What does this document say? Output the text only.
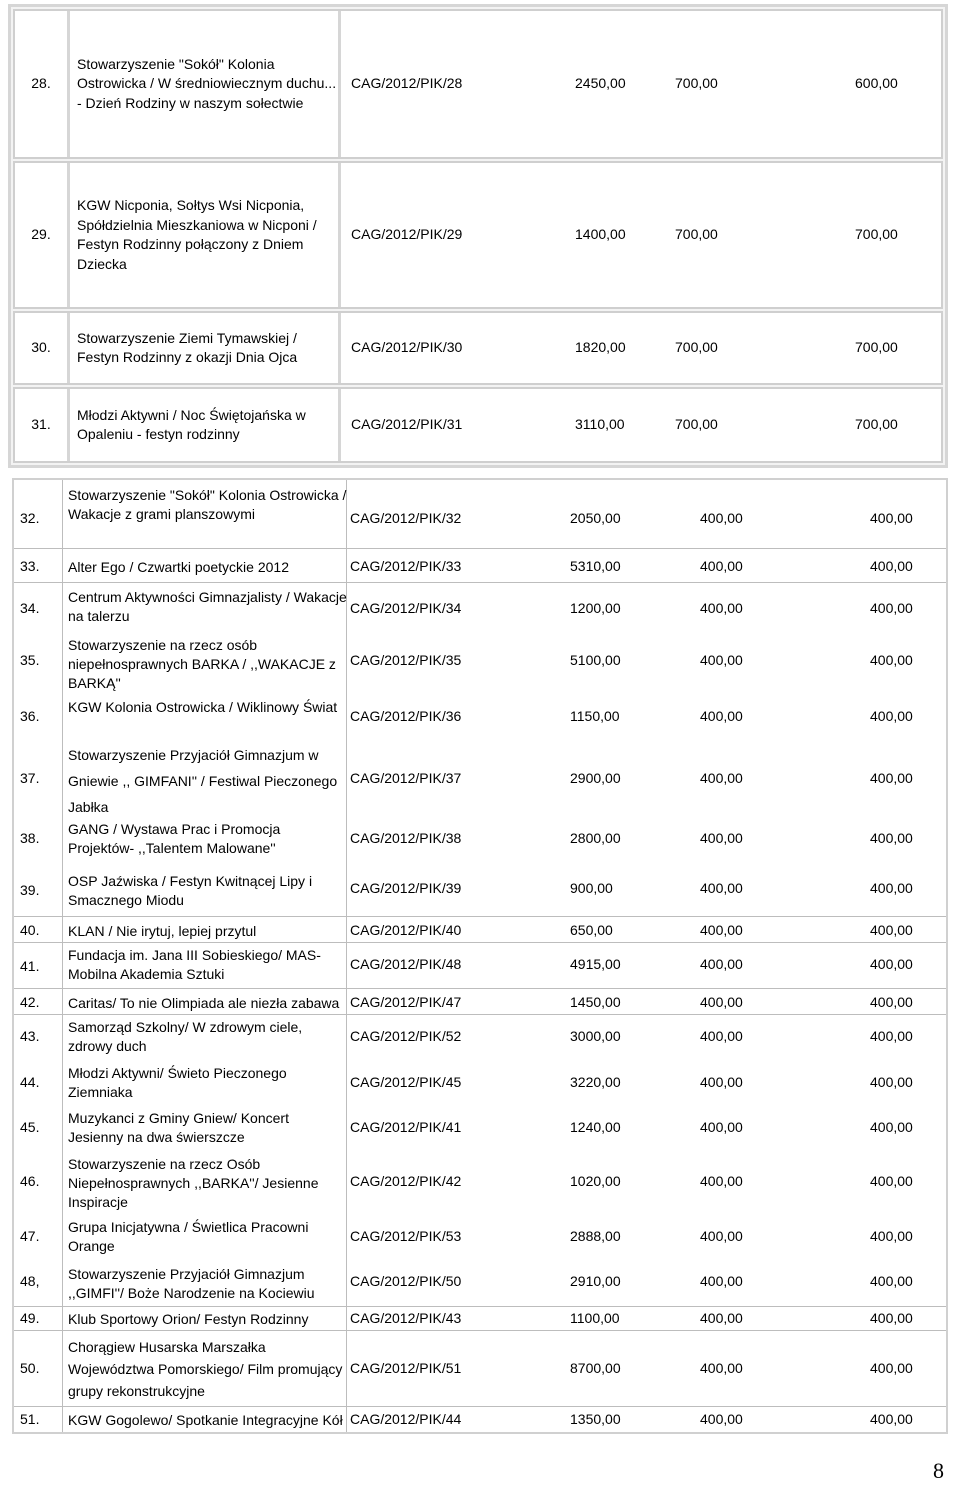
28.
Stowarzyszenie "Sokół" Kolonia Ostrowicka / W średniowiecznym duchu... - Dzień Rodziny w naszym sołectwie
CAG/2012/PIK/28	2450,00	700,00	600,00
29.
KGW Nicponia, Sołtys Wsi Nicponia, Spółdzielnia Mieszkaniowa w Nicponi / Festyn Rodzinny połączony z Dniem Dziecka
CAG/2012/PIK/29	1400,00	700,00	700,00
30.
Stowarzyszenie Ziemi Tymawskiej / Festyn Rodzinny z okazji Dnia Ojca
CAG/2012/PIK/30	1820,00	700,00	700,00
31.
Młodzi Aktywni / Noc Świętojańska w Opaleniu - festyn rodzinny
CAG/2012/PIK/31	3110,00	700,00	700,00
32.
Stowarzyszenie "Sokół" Kolonia Ostrowicka / Wakacje z grami planszowymi	CAG/2012/PIK/32	2050,00	400,00	400,00
33. Alter Ego / Czwartki poetyckie 2012	CAG/2012/PIK/33	5310,00	400,00	400,00
34.
Centrum Aktywności Gimnazjalisty / Wakacje na talerzu	CAG/2012/PIK/34	1200,00	400,00	400,00
35.
Stowarzyszenie na rzecz osób niepełnosprawnych BARKA / ,,WAKACJE z BARKĄ''
CAG/2012/PIK/35	5100,00	400,00	400,00
36.
KGW Kolonia Ostrowicka / Wiklinowy Świat
CAG/2012/PIK/36	1150,00	400,00	400,00
37.
Stowarzyszenie Przyjaciół Gimnazjum w Gniewie ,, GIMFANI'' / Festiwal Pieczonego Jabłka
CAG/2012/PIK/37	2900,00	400,00	400,00
38.
GANG / Wystawa Prac i Promocja Projektów- ,,Talentem Malowane''
CAG/2012/PIK/38	2800,00	400,00	400,00
39.
OSP Jaźwiska / Festyn Kwitnącej Lipy i Smacznego Miodu
CAG/2012/PIK/39	900,00	400,00	400,00
40. KLAN / Nie irytuj, lepiej przytul	CAG/2012/PIK/40	650,00	400,00	400,00
41.
Fundacja im. Jana III Sobieskiego/ MAS-Mobilna Akademia Sztuki
CAG/2012/PIK/48	4915,00	400,00	400,00
42. Caritas/ To nie Olimpiada ale niezła zabawa CAG/2012/PIK/47	1450,00	400,00	400,00
43.
Samorząd Szkolny/ W zdrowym ciele, zdrowy duch
CAG/2012/PIK/52	3000,00	400,00	400,00
44.
Młodzi Aktywni/ Świeto Pieczonego Ziemniaka
CAG/2012/PIK/45	3220,00	400,00	400,00
45.
Muzykanci z Gminy Gniew/ Koncert Jesienny na dwa świerszcze
CAG/2012/PIK/41	1240,00	400,00	400,00
46.
Stowarzyszenie na rzecz Osób Niepełnosprawnych ,,BARKA''/ Jesienne Inspiracje
CAG/2012/PIK/42	1020,00	400,00	400,00
47.
Grupa Inicjatywna / Świetlica Pracowni Orange
CAG/2012/PIK/53	2888,00	400,00	400,00
48, Stowarzyszenie Przyjaciół Gimnazjum ,,GIMFI''/ Boże Narodzenie na Kociewiu
CAG/2012/PIK/50	2910,00	400,00	400,00
49. Klub Sportowy Orion/ Festyn Rodzinny	CAG/2012/PIK/43	1100,00	400,00	400,00
50.
Chorągiew Husarska Marszałka Województwa Pomorskiego/ Film promujący grupy rekonstrukcyjne
CAG/2012/PIK/51	8700,00	400,00	400,00
51. KGW Gogolewo/ Spotkanie Integracyjne Kół CAG/2012/PIK/44	1350,00	400,00	400,00
8
